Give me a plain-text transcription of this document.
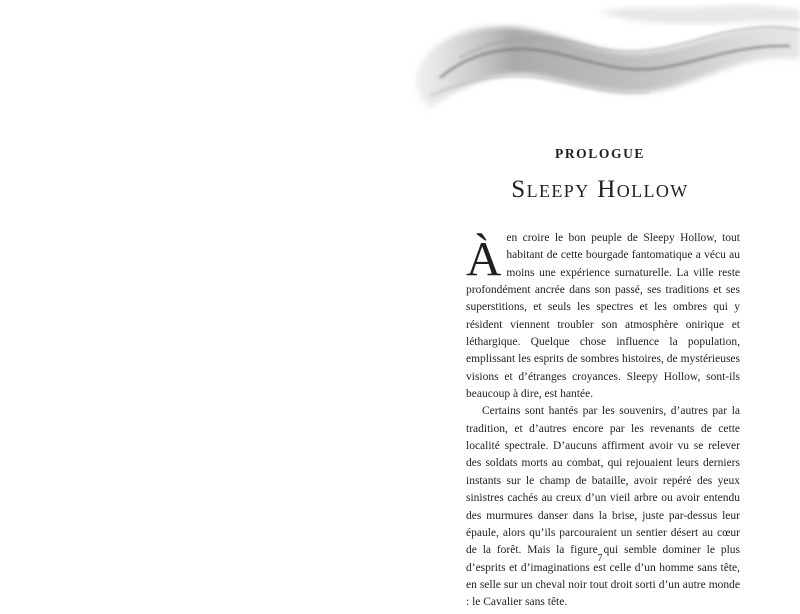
PROLOGUE
Sleepy Hollow

À en croire le bon peuple de Sleepy Hollow, tout habitant de cette bourgade fantomatique a vécu au moins une expérience surnaturelle. La ville reste profondément ancrée dans son passé, ses traditions et ses superstitions, et seuls les spectres et les ombres qui y résident viennent troubler son atmosphère onirique et léthargique. Quelque chose influence la population, emplissant les esprits de sombres histoires, de mystérieuses visions et d’étranges croyances. Sleepy Hollow, sont-ils beaucoup à dire, est hantée.

Certains sont hantés par les souvenirs, d’autres par la tradition, et d’autres encore par les revenants de cette localité spectrale. D’aucuns affirment avoir vu se relever des soldats morts au combat, qui rejouaient leurs derniers instants sur le champ de bataille, avoir repéré des yeux sinistres cachés au creux d’un vieil arbre ou avoir entendu des murmures danser dans la brise, juste par-dessus leur épaule, alors qu’ils parcouraient un sentier désert au cœur de la forêt. Mais la figure qui semble dominer le plus d’esprits et d’imaginations est celle d’un homme sans tête, en selle sur un cheval noir tout droit sorti d’un autre monde : le Cavalier sans tête.

7
